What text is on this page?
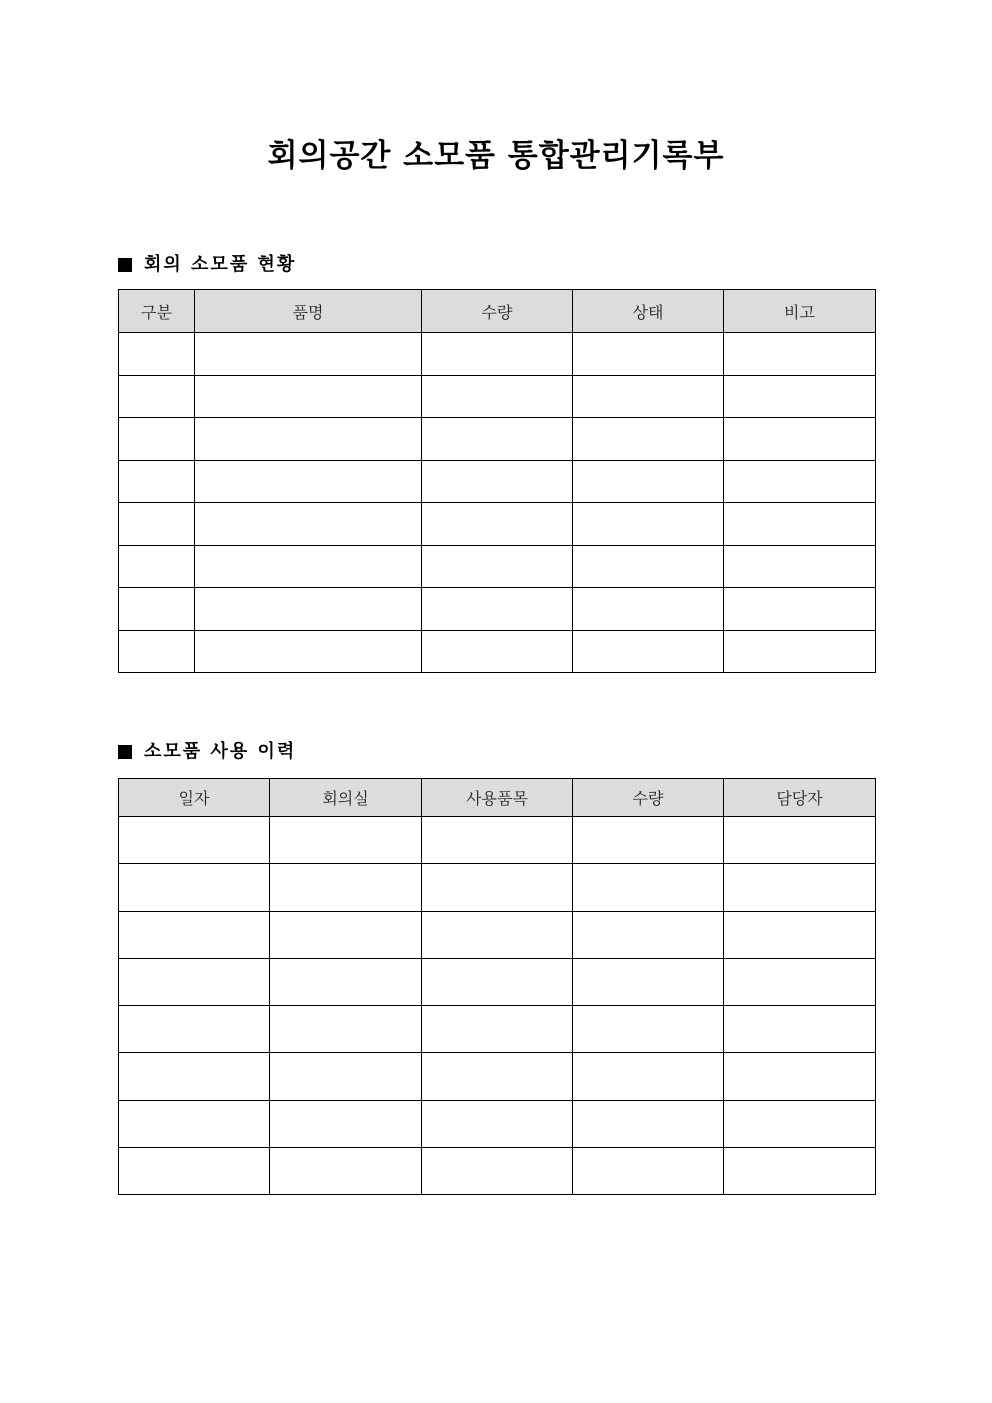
회의공간 소모품 통합관리기록부
회의 소모품 현황
구분	품명	수량	상태	비고

소모품 사용 이력
일자	회의실	사용품목	수량	담당자
